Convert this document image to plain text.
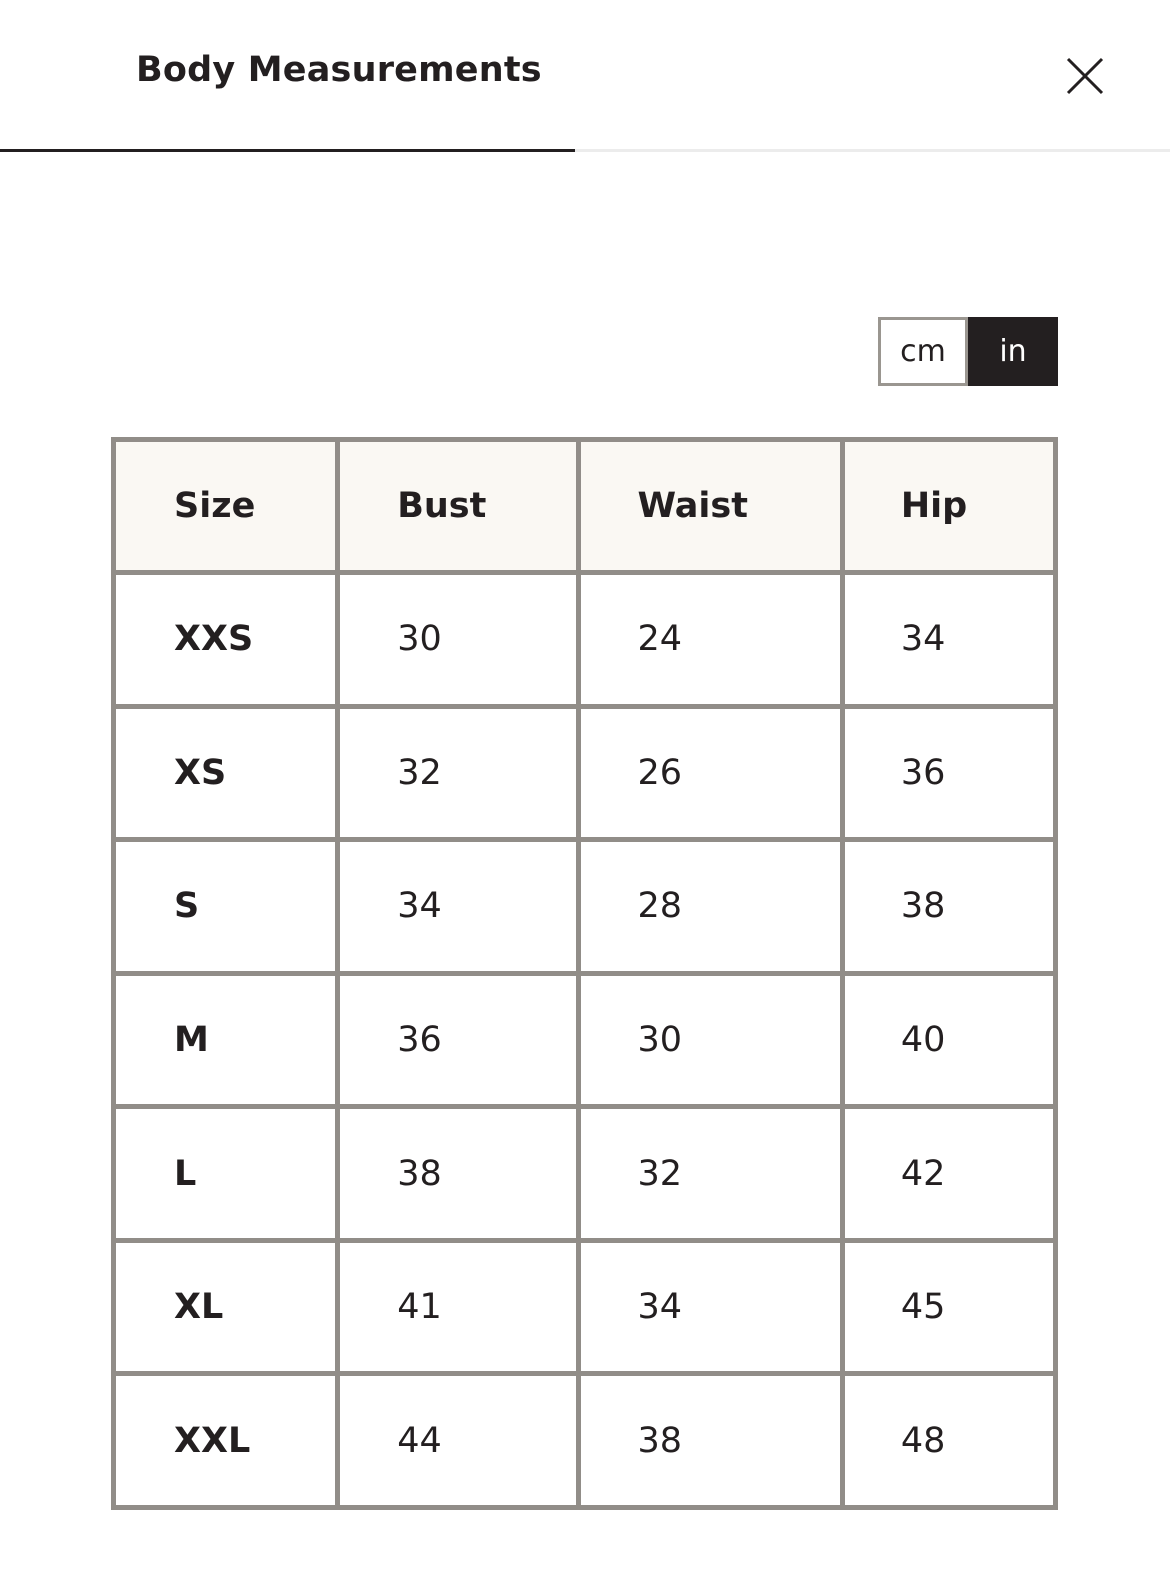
Body Measurements
cm	in
Size	Bust	Waist	Hip
XXS	30	24	34
XS	32	26	36
S	34	28	38
M	36	30	40
L	38	32	42
XL	41	34	45
XXL	44	38	48
